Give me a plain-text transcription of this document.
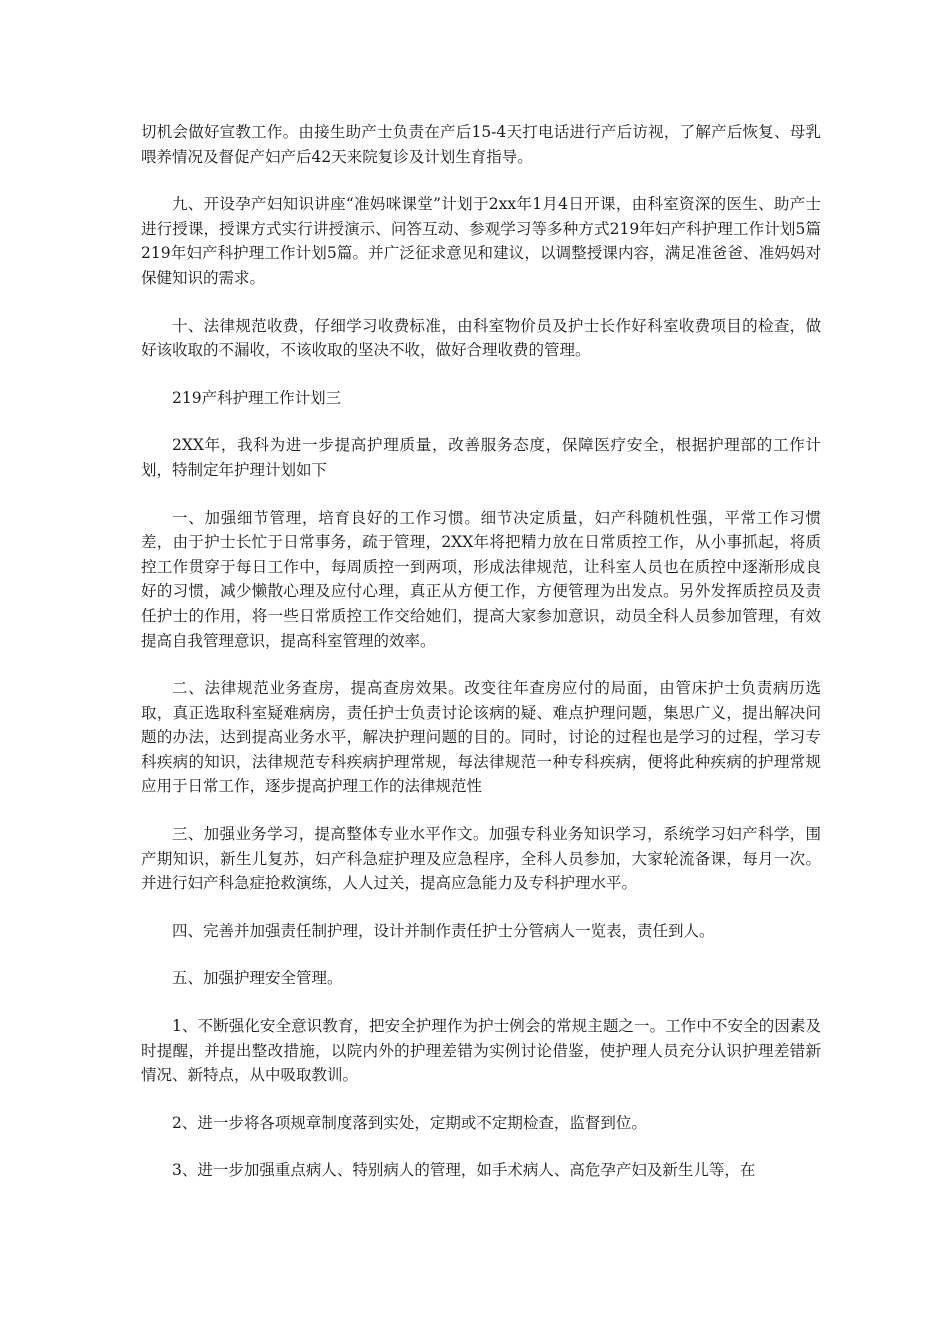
切机会做好宣教工作。由接生助产士负责在产后15-4天打电话进行产后访视，了解产后恢复、母乳喂养情况及督促产妇产后42天来院复诊及计划生育指导。

九、开设孕产妇知识讲座“准妈咪课堂”计划于2xx年1月4日开课，由科室资深的医生、助产士进行授课，授课方式实行讲授演示、问答互动、参观学习等多种方式219年妇产科护理工作计划5篇219年妇产科护理工作计划5篇。并广泛征求意见和建议，以调整授课内容，满足准爸爸、准妈妈对保健知识的需求。

十、法律规范收费，仔细学习收费标准，由科室物价员及护士长作好科室收费项目的检查，做好该收取的不漏收，不该收取的坚决不收，做好合理收费的管理。

219产科护理工作计划三

2XX年，我科为进一步提高护理质量，改善服务态度，保障医疗安全，根据护理部的工作计划，特制定年护理计划如下

一、加强细节管理，培育良好的工作习惯。细节决定质量，妇产科随机性强，平常工作习惯差，由于护士长忙于日常事务，疏于管理，2XX年将把精力放在日常质控工作，从小事抓起，将质控工作贯穿于每日工作中，每周质控一到两项，形成法律规范，让科室人员也在质控中逐渐形成良好的习惯，减少懒散心理及应付心理，真正从方便工作，方便管理为出发点。另外发挥质控员及责任护士的作用，将一些日常质控工作交给她们，提高大家参加意识，动员全科人员参加管理，有效提高自我管理意识，提高科室管理的效率。

二、法律规范业务查房，提高查房效果。改变往年查房应付的局面，由管床护士负责病历选取，真正选取科室疑难病房，责任护士负责讨论该病的疑、难点护理问题，集思广义，提出解决问题的办法，达到提高业务水平，解决护理问题的目的。同时，讨论的过程也是学习的过程，学习专科疾病的知识，法律规范专科疾病护理常规，每法律规范一种专科疾病，便将此种疾病的护理常规应用于日常工作，逐步提高护理工作的法律规范性

三、加强业务学习，提高整体专业水平作文。加强专科业务知识学习，系统学习妇产科学，围产期知识，新生儿复苏，妇产科急症护理及应急程序，全科人员参加，大家轮流备课，每月一次。并进行妇产科急症抢救演练，人人过关，提高应急能力及专科护理水平。

四、完善并加强责任制护理，设计并制作责任护士分管病人一览表，责任到人。

五、加强护理安全管理。

1、不断强化安全意识教育，把安全护理作为护士例会的常规主题之一。工作中不安全的因素及时提醒，并提出整改措施，以院内外的护理差错为实例讨论借鉴，使护理人员充分认识护理差错新情况、新特点，从中吸取教训。

2、进一步将各项规章制度落到实处，定期或不定期检查，监督到位。

3、进一步加强重点病人、特别病人的管理，如手术病人、高危孕产妇及新生儿等，在
